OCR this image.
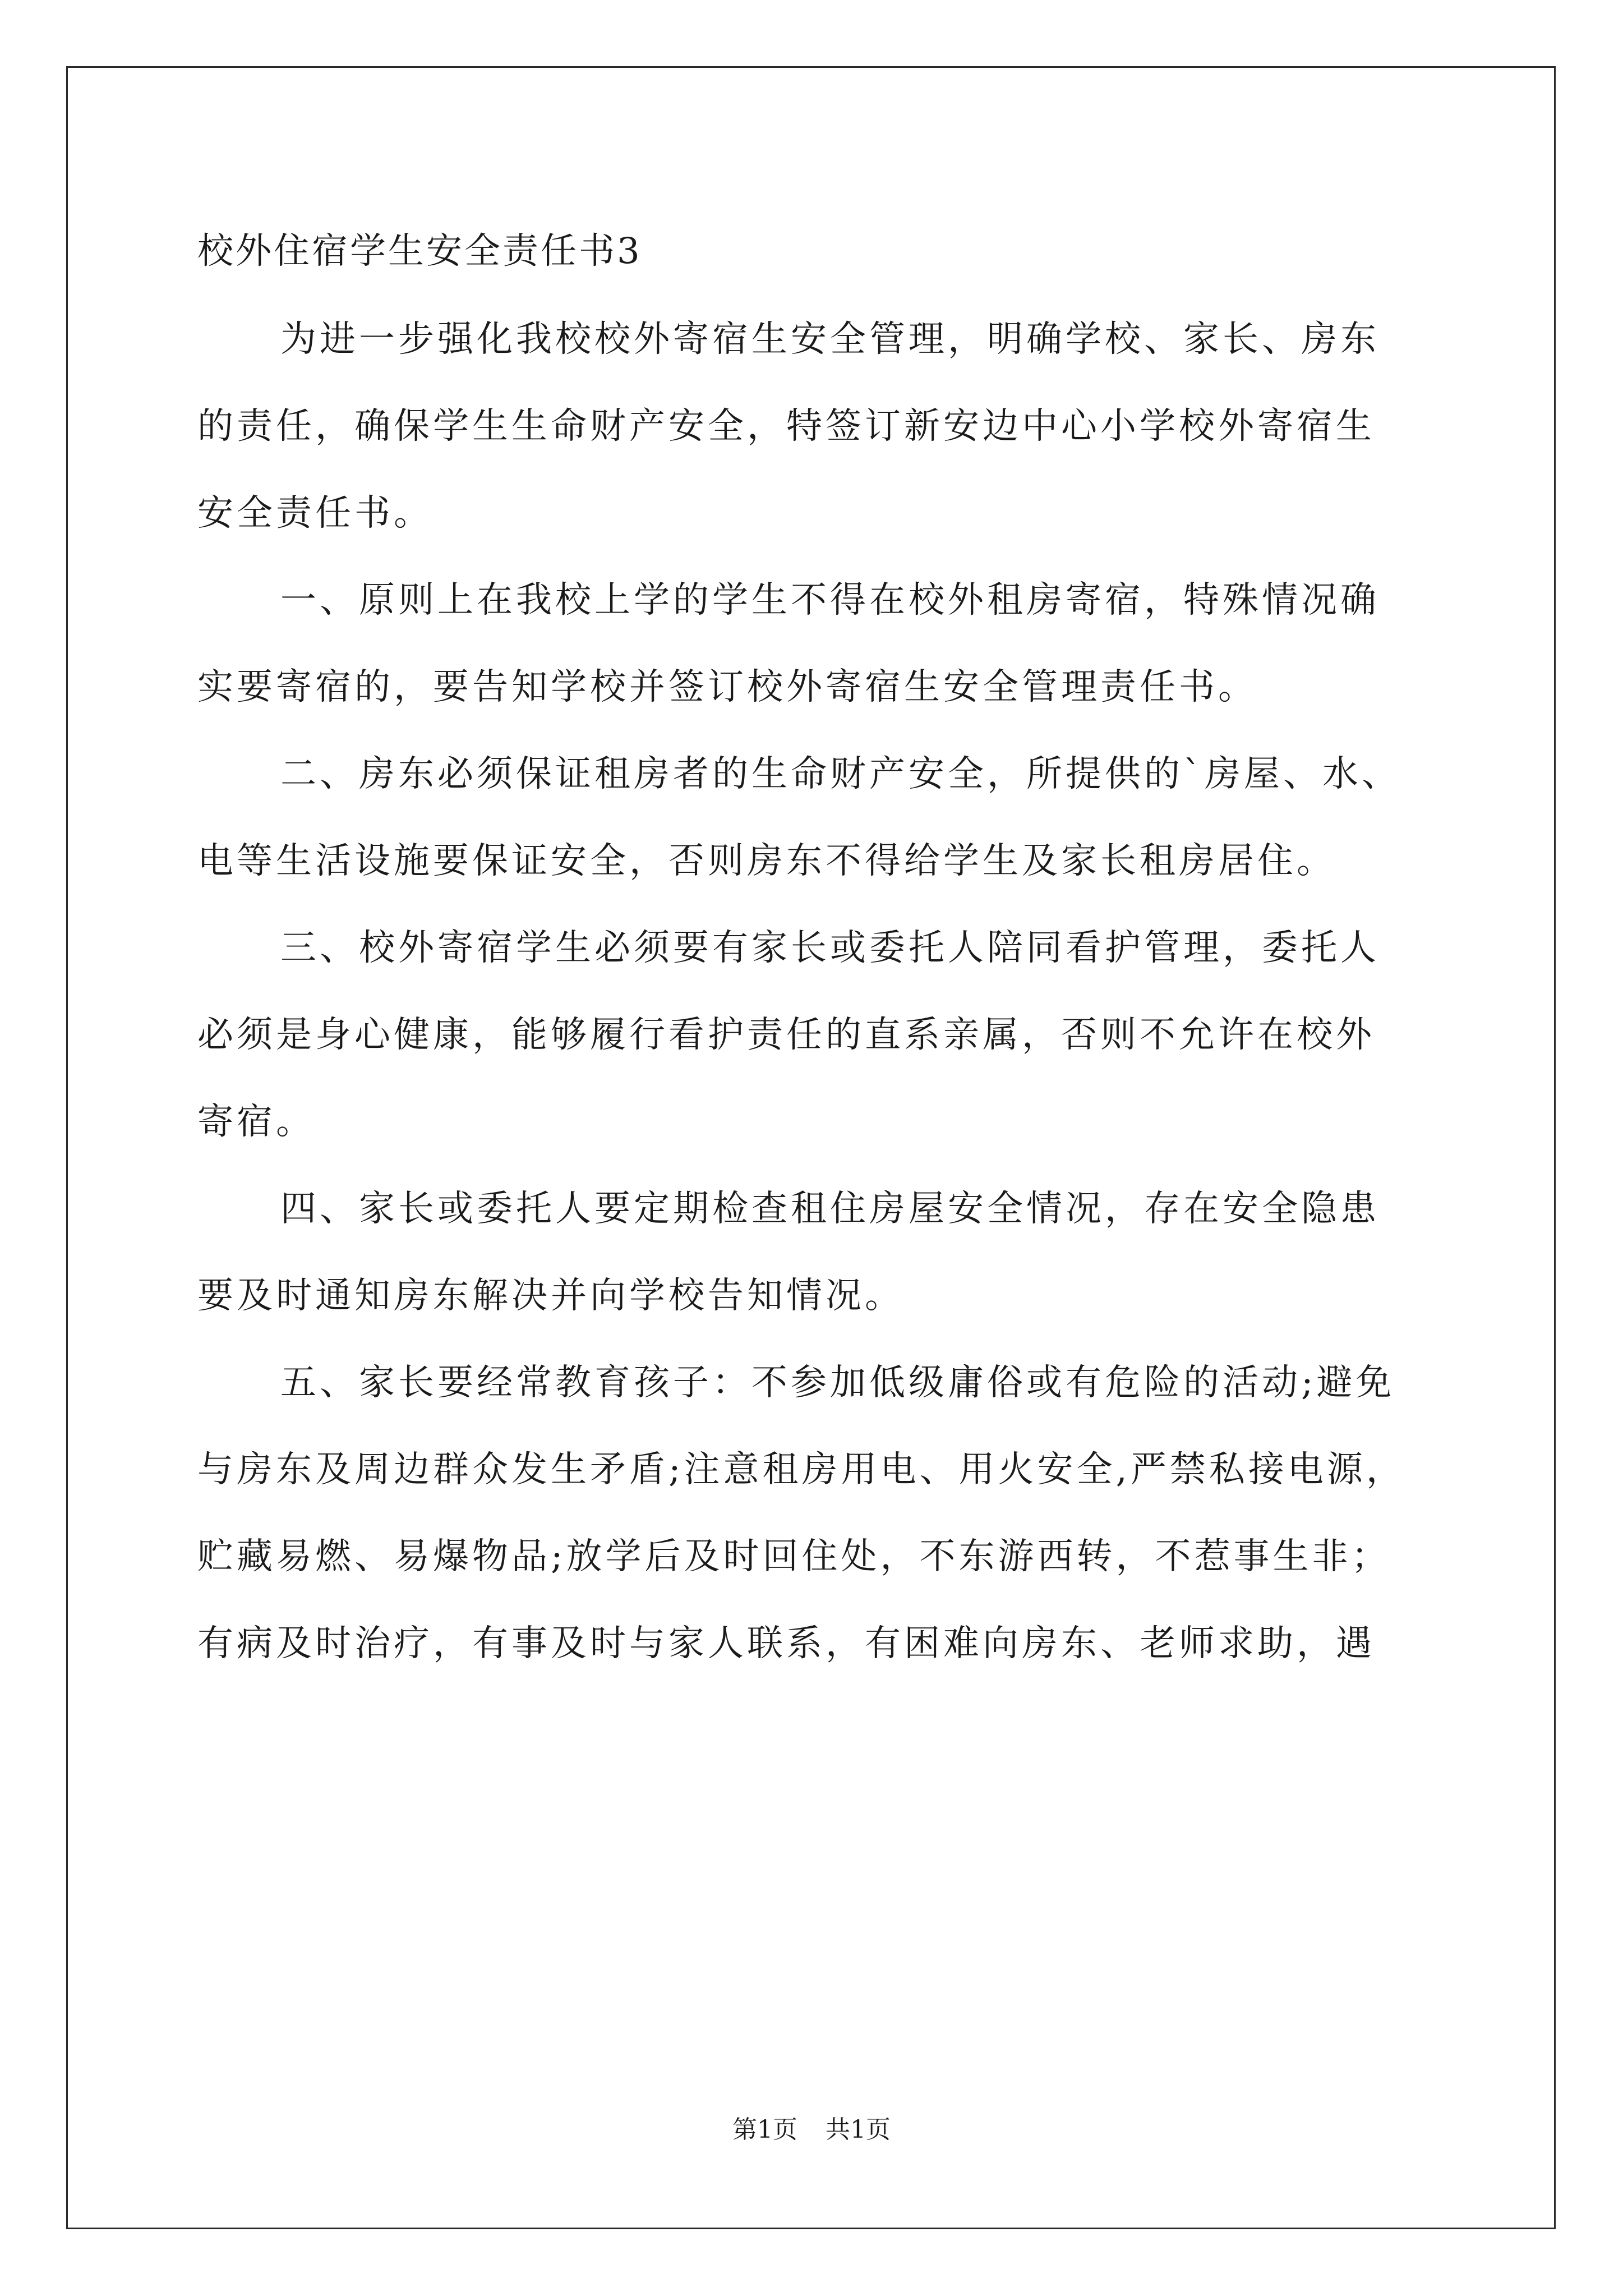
校外住宿学生安全责任书3
为进一步强化我校校外寄宿生安全管理，明确学校、家长、房东
的责任，确保学生生命财产安全，特签订新安边中心小学校外寄宿生
安全责任书。
一、原则上在我校上学的学生不得在校外租房寄宿，特殊情况确
实要寄宿的，要告知学校并签订校外寄宿生安全管理责任书。
二、房东必须保证租房者的生命财产安全，所提供的`房屋、水、
电等生活设施要保证安全，否则房东不得给学生及家长租房居住。
三、校外寄宿学生必须要有家长或委托人陪同看护管理，委托人
必须是身心健康，能够履行看护责任的直系亲属，否则不允许在校外
寄宿。
四、家长或委托人要定期检查租住房屋安全情况，存在安全隐患
要及时通知房东解决并向学校告知情况。
五、家长要经常教育孩子：不参加低级庸俗或有危险的活动;避免
与房东及周边群众发生矛盾;注意租房用电、用火安全,严禁私接电源，
贮藏易燃、易爆物品;放学后及时回住处，不东游西转，不惹事生非；
有病及时治疗，有事及时与家人联系，有困难向房东、老师求助，遇
第1页 共1页
